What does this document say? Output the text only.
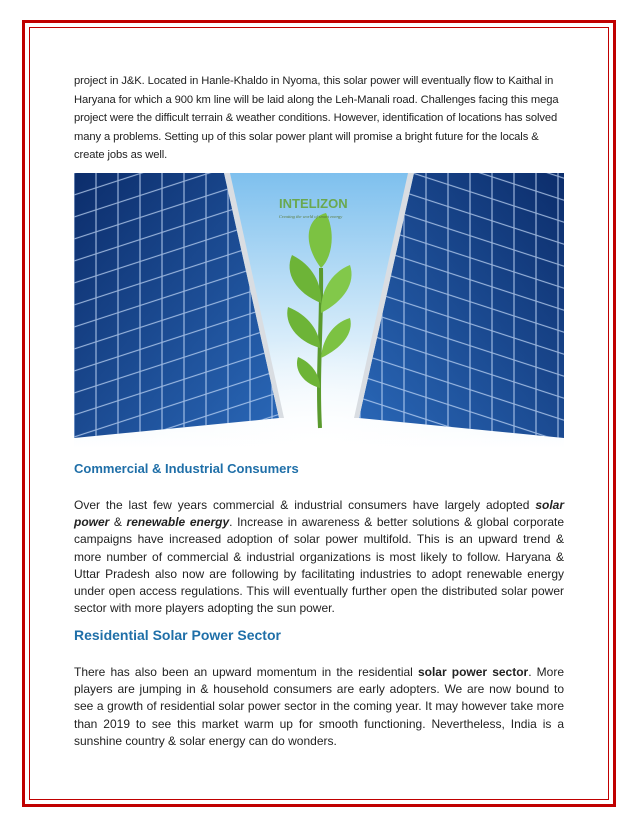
project in J&K. Located in Hanle-Khaldo in Nyoma, this solar power will eventually flow to Kaithal in Haryana for which a 900 km line will be laid along the Leh-Manali road. Challenges facing this mega project were the difficult terrain & weather conditions. However, identification of locations has solved many a problems. Setting up of this solar power plant will promise a bright future for the locals & create jobs as well.

INTELIZON
Creating the world of smart energy
Commercial & Industrial Consumers

Over the last few years commercial & industrial consumers have largely adopted solar power & renewable energy. Increase in awareness & better solutions & global corporate campaigns have increased adoption of solar power multifold. This is an upward trend & more number of commercial & industrial organizations is most likely to follow. Haryana & Uttar Pradesh also now are following by facilitating industries to adopt renewable energy under open access regulations. This will eventually further open the distributed solar power sector with more players adopting the sun power.

Residential Solar Power Sector

There has also been an upward momentum in the residential solar power sector. More players are jumping in & household consumers are early adopters. We are now bound to see a growth of residential solar power sector in the coming year. It may however take more than 2019 to see this market warm up for smooth functioning. Nevertheless, India is a sunshine country & solar energy can do wonders.
